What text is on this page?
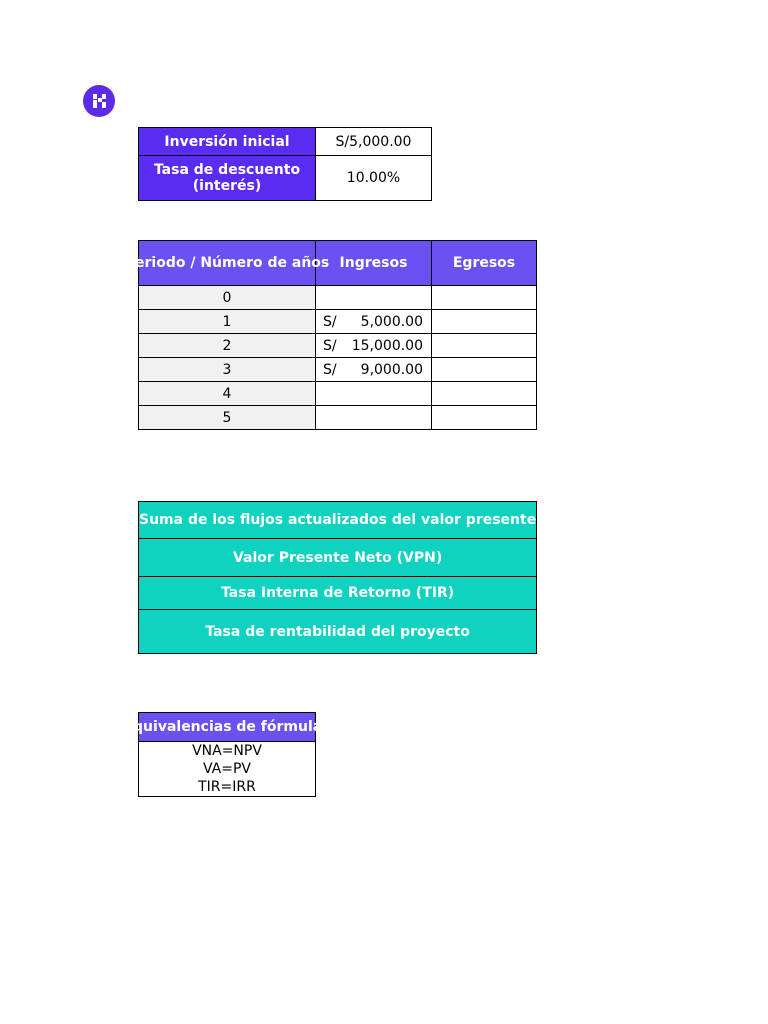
Inversión inicial	S/5,000.00
Tasa de descuento (interés)	10.00%
Periodo / Número de años	Ingresos	Egresos
0	

1	S/ 5,000.00	

2	S/ 15,000.00	

3	S/ 9,000.00	

4	

5	

Suma de los flujos actualizados del valor presente
Valor Presente Neto (VPN)
Tasa Interna de Retorno (TIR)
Tasa de rentabilidad del proyecto
Equivalencias de fórmulas

VNA=NPV
VA=PV
TIR=IRR
